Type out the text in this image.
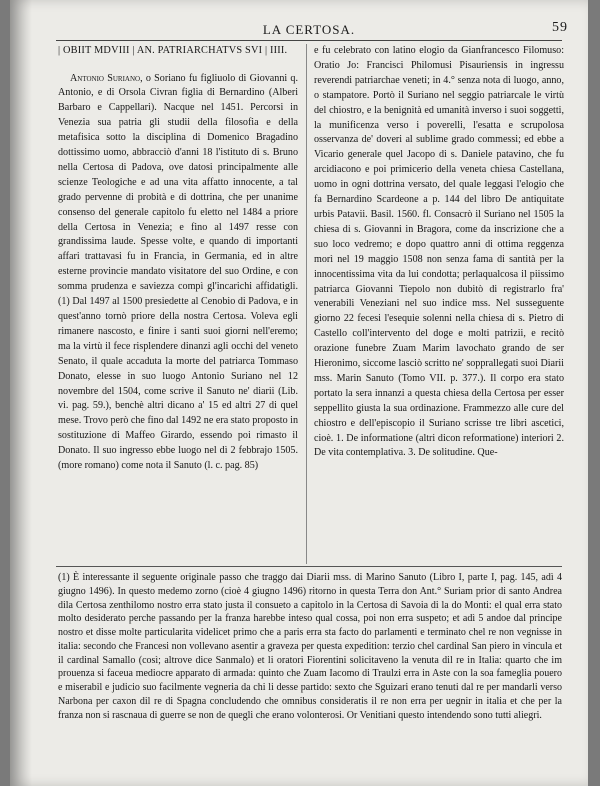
LA CERTOSA.	59
| OBIIT MDVIII | AN. PATRIARCHATVS SVI | IIII.

Antonio Suriano, o Soriano fu figliuolo di Giovanni q. Antonio, e di Orsola Civran figlia di Bernardino (Alberi Barbaro e Cappellari). Nacque nel 1451. Percorsi in Venezia sua patria gli studii della filosofia e della metafisica sotto la disciplina di Domenico Bragadino dottissimo uomo, abbracciò d'anni 18 l'istituto di s. Bruno nella Certosa di Padova, ove datosi principalmente alle scienze Teologiche e ad una vita affatto innocente, a tal grado pervenne di probità e di dottrina, che per unanime consenso del generale capitolo fu eletto nel 1484 a priore della Certosa in Venezia; e fino al 1497 resse con grandissima laude. Spesse volte, e quando di importanti affari trattavasi fu in Francia, in Germania, ed in altre esterne provincie mandato visitatore del suo Ordine, e con somma prudenza e saviezza compì gl'incarichi affidatigli. (1) Dal 1497 al 1500 presiedette al Cenobio di Padova, e in quest'anno tornò priore della nostra Certosa. Voleva egli rimanere nascosto, e finire i santi suoi giorni nell'eremo; ma la virtù il fece risplendere dinanzi agli occhi del veneto Senato, il quale accaduta la morte del patriarca Tommaso Donato, elesse in suo luogo Antonio Suriano nel 12 novembre del 1504, come scrive il Sanuto ne' diarii (Lib. vi. pag. 59.), benchè altri dicano a' 15 ed altri 27 di quel mese. Trovo però che fino dal 1492 ne era stato proposto in sostituzione di Maffeo Girardo, essendo poi rimasto il Donato. Il suo ingresso ebbe luogo nel dì 2 febbrajo 1505. (more romano) come nota il Sanuto (l. c. pag. 85)

e fu celebrato con latino elogio da Gianfrancesco Filomuso: Oratio Jo: Francisci Philomusi Pisauriensis in ingressu reverendi patriarchae veneti; in 4.° senza nota di luogo, anno, o stampatore. Portò il Suriano nel seggio patriarcale le virtù del chiostro, e la benignità ed umanità inverso i suoi soggetti, la munificenza verso i poverelli, l'esatta e scrupolosa osservanza de' doveri al sublime grado commessi; ed ebbe a Vicario generale quel Jacopo di s. Daniele patavino, che fu arcidiacono e poi primicerio della veneta chiesa Castellana, uomo in ogni dottrina versato, del quale leggasi l'elogio che fa Bernardino Scardeone a p. 144 del libro De antiquitate urbis Patavii. Basil. 1560. fl. Consacrò il Suriano nel 1505 la chiesa di s. Giovanni in Bragora, come da inscrizione che a suo loco vedremo; e dopo quattro anni di ottima reggenza morì nel 19 maggio 1508 non senza fama di santità per la innocentissima vita da lui condotta; perlaqualcosa il piissimo patriarca Giovanni Tiepolo non dubitò di registrarlo fra' venerabili Veneziani nel suo indice mss. Nel susseguente giorno 22 fecesi l'esequie solenni nella chiesa di s. Pietro di Castello coll'intervento del doge e molti patrizii, e recitò orazione funebre Zuam Marim lavochato grando de ser Hieronimo, siccome lasciò scritto ne' sopprallegati suoi Diarii mss. Marin Sanuto (Tomo VII. p. 377.). Il corpo era stato portato la sera innanzi a questa chiesa della Certosa per esser seppellito giusta la sua ordinazione. Frammezzo alle cure del chiostro e dell'episcopio il Suriano scrisse tre libri ascetici, cioè. 1. De informatione (altri dicon reformatione) interiori 2. De vita contemplativa. 3. De solitudine. Que-

(1) È interessante il seguente originale passo che traggo dai Diarii mss. di Marino Sanuto (Libro I, parte I, pag. 145, adì 4 giugno 1496). In questo medemo zorno (cioè 4 giugno 1496) ritorno in questa Terra don Ant.° Suriam prior di santo Andrea dila Certosa zenthilomo nostro erra stato justa il consueto a capitolo in la Certosa di Savoia di la do Monti: el qual erra stato molto desiderato perche passando per la franza harebbe inteso qual cossa, poi non erra suspeto; et adì 5 andoe dal principe nostro et disse molte particularita videlicet primo che a paris erra sta facto do parlamenti e terminato chel re non vegnisse in italia: secondo che Francesi non vollevano asentir a graveza per questa expedition: terzio chel cardinal San piero in vincula et il cardinal Samallo (così; altrove dice Sanmalo) et li oratori Fiorentini solicitaveno la venuta dil re in Italia: quarto che im prouenza si faceua mediocre apparato di armada: quinto che Zuam Iacomo di Traulzi erra in Aste con la soa fameglia pouero e miserabil e judicio suo facilmente vegneria da chi li desse partido: sexto che Sguizari erano tenuti dal re per mandarli verso Narbona per caxon dil re di Spagna concludendo che omnibus consideratis il re non erra per uegnir in italia et che per la franza non si rascnaua di guerre se non de quegli che erano volonterosi. Or Venitiani questo intendendo sono tutti aliegri.
